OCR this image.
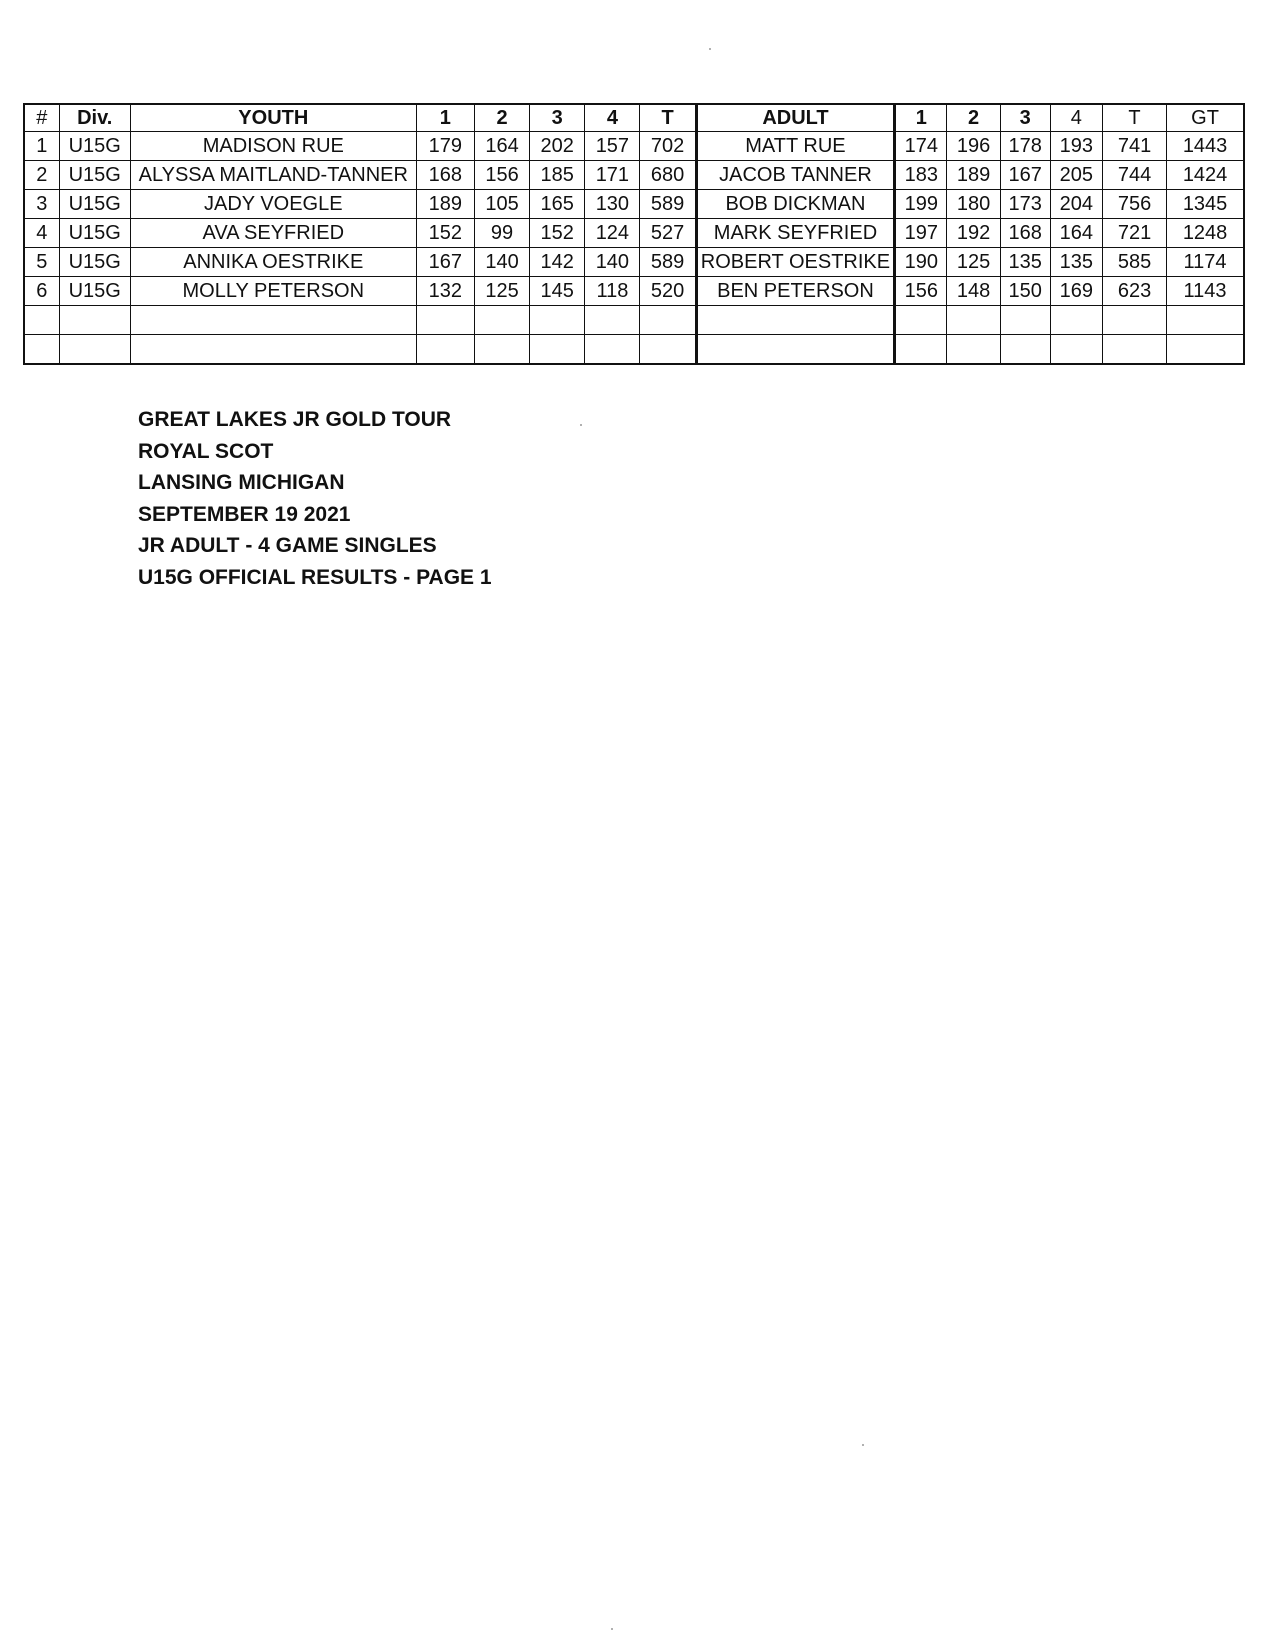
#	Div.	YOUTH	1	2	3	4	T	ADULT	1	2	3	4	T	GT
1	U15G	MADISON RUE	179	164	202	157	702	MATT RUE	174	196	178	193	741	1443
2	U15G	ALYSSA MAITLAND-TANNER	168	156	185	171	680	JACOB TANNER	183	189	167	205	744	1424
3	U15G	JADY VOEGLE	189	105	165	130	589	BOB DICKMAN	199	180	173	204	756	1345
4	U15G	AVA SEYFRIED	152	99	152	124	527	MARK SEYFRIED	197	192	168	164	721	1248
5	U15G	ANNIKA OESTRIKE	167	140	142	140	589	ROBERT OESTRIKE	190	125	135	135	585	1174
6	U15G	MOLLY PETERSON	132	125	145	118	520	BEN PETERSON	156	148	150	169	623	1143

GREAT LAKES JR GOLD TOUR
ROYAL SCOT
LANSING MICHIGAN
SEPTEMBER 19 2021
JR ADULT - 4 GAME SINGLES
U15G OFFICIAL RESULTS - PAGE 1
